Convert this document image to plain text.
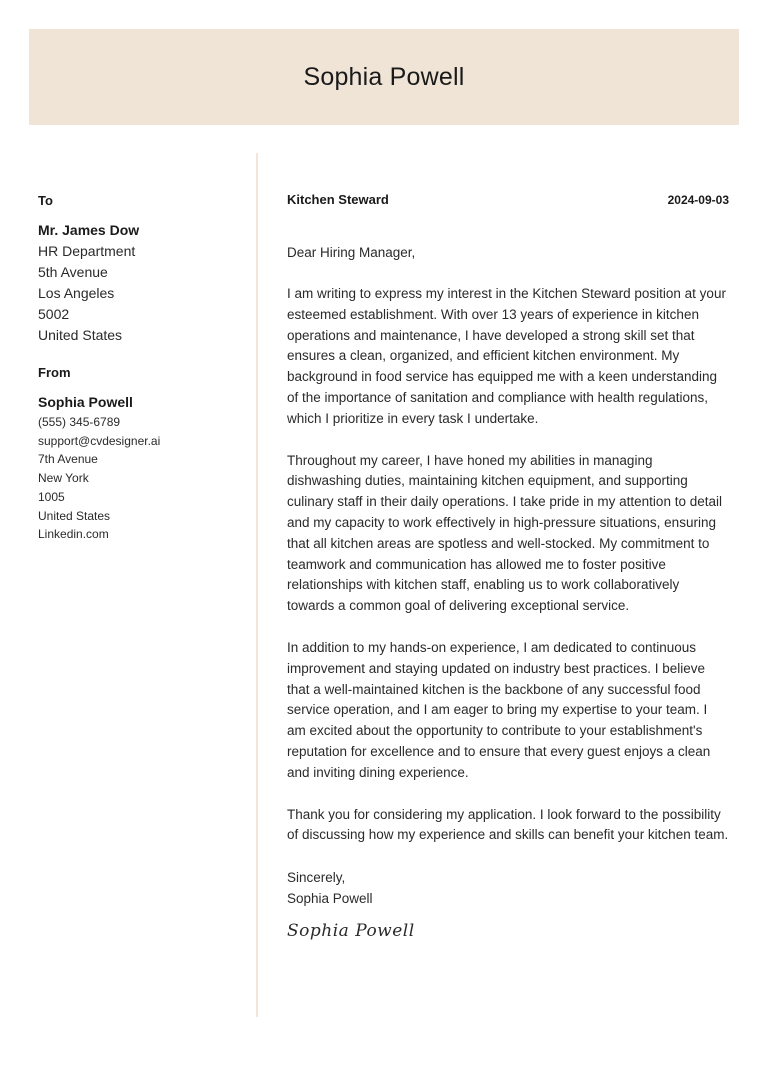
Sophia Powell
To
Mr. James Dow
HR Department
5th Avenue
Los Angeles
5002
United States
From
Sophia Powell
(555) 345-6789
support@cvdesigner.ai
7th Avenue
New York
1005
United States
Linkedin.com
Kitchen Steward	2024-09-03
Dear Hiring Manager,
I am writing to express my interest in the Kitchen Steward position at your esteemed establishment. With over 13 years of experience in kitchen operations and maintenance, I have developed a strong skill set that ensures a clean, organized, and efficient kitchen environment. My background in food service has equipped me with a keen understanding of the importance of sanitation and compliance with health regulations, which I prioritize in every task I undertake.
Throughout my career, I have honed my abilities in managing dishwashing duties, maintaining kitchen equipment, and supporting culinary staff in their daily operations. I take pride in my attention to detail and my capacity to work effectively in high-pressure situations, ensuring that all kitchen areas are spotless and well-stocked. My commitment to teamwork and communication has allowed me to foster positive relationships with kitchen staff, enabling us to work collaboratively towards a common goal of delivering exceptional service.
In addition to my hands-on experience, I am dedicated to continuous improvement and staying updated on industry best practices. I believe that a well-maintained kitchen is the backbone of any successful food service operation, and I am eager to bring my expertise to your team. I am excited about the opportunity to contribute to your establishment's reputation for excellence and to ensure that every guest enjoys a clean and inviting dining experience.
Thank you for considering my application. I look forward to the possibility of discussing how my experience and skills can benefit your kitchen team.
Sincerely,
Sophia Powell
Sophia Powell
